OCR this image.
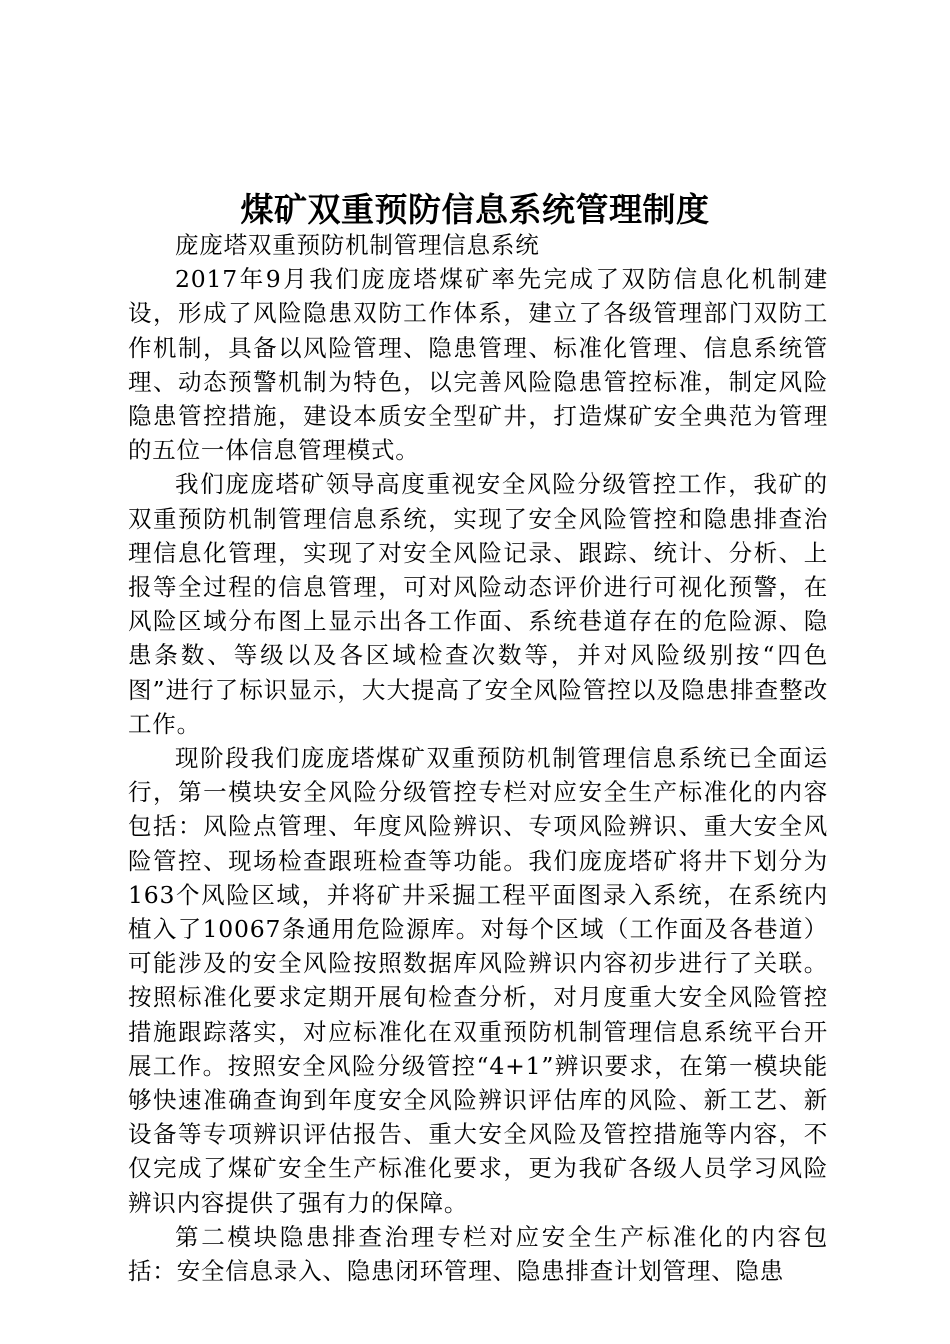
煤矿双重预防信息系统管理制度

庞庞塔双重预防机制管理信息系统

2017年9月我们庞庞塔煤矿率先完成了双防信息化机制建设，形成了风险隐患双防工作体系，建立了各级管理部门双防工作机制，具备以风险管理、隐患管理、标准化管理、信息系统管理、动态预警机制为特色，以完善风险隐患管控标准，制定风险隐患管控措施，建设本质安全型矿井，打造煤矿安全典范为管理的五位一体信息管理模式。

我们庞庞塔矿领导高度重视安全风险分级管控工作，我矿的双重预防机制管理信息系统，实现了安全风险管控和隐患排查治理信息化管理，实现了对安全风险记录、跟踪、统计、分析、上报等全过程的信息管理，可对风险动态评价进行可视化预警，在风险区域分布图上显示出各工作面、系统巷道存在的危险源、隐患条数、等级以及各区域检查次数等，并对风险级别按“四色图”进行了标识显示，大大提高了安全风险管控以及隐患排查整改工作。

现阶段我们庞庞塔煤矿双重预防机制管理信息系统已全面运行，第一模块安全风险分级管控专栏对应安全生产标准化的内容包括：风险点管理、年度风险辨识、专项风险辨识、重大安全风险管控、现场检查跟班检查等功能。我们庞庞塔矿将井下划分为163个风险区域，并将矿井采掘工程平面图录入系统，在系统内植入了10067条通用危险源库。对每个区域（工作面及各巷道）可能涉及的安全风险按照数据库风险辨识内容初步进行了关联。按照标准化要求定期开展旬检查分析，对月度重大安全风险管控措施跟踪落实，对应标准化在双重预防机制管理信息系统平台开展工作。按照安全风险分级管控“4+1”辨识要求，在第一模块能够快速准确查询到年度安全风险辨识评估库的风险、新工艺、新设备等专项辨识评估报告、重大安全风险及管控措施等内容，不仅完成了煤矿安全生产标准化要求，更为我矿各级人员学习风险辨识内容提供了强有力的保障。

第二模块隐患排查治理专栏对应安全生产标准化的内容包括：安全信息录入、隐患闭环管理、隐患排查计划管理、隐患
